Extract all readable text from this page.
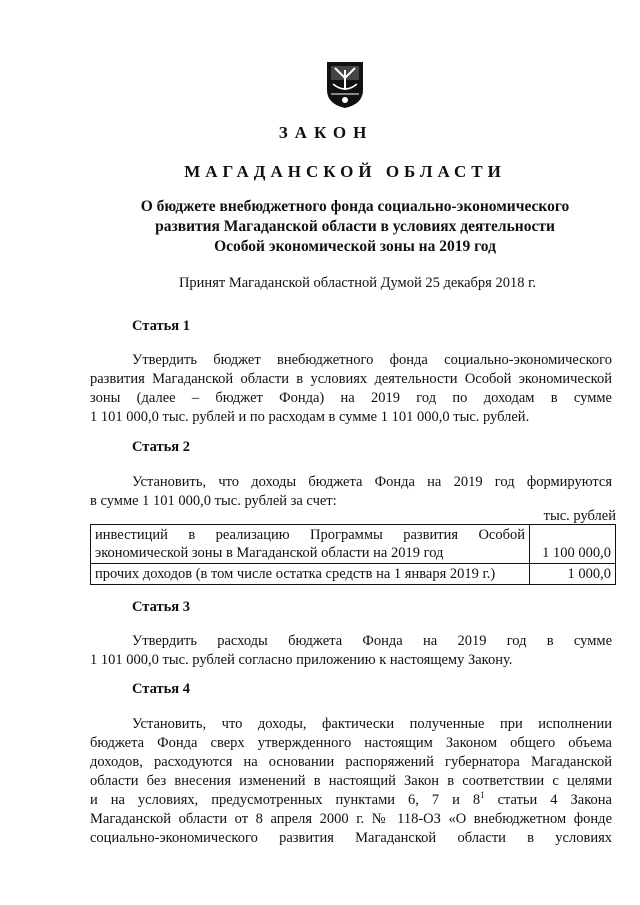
ЗАКОН
МАГАДАНСКОЙ ОБЛАСТИ
О бюджете внебюджетного фонда социально-экономического
развития Магаданской области в условиях деятельности
Особой экономической зоны на 2019 год
Принят Магаданской областной Думой 25 декабря 2018 г.
Статья 1
Утвердить бюджет внебюджетного фонда социально-экономического
развития Магаданской области в условиях деятельности Особой экономической
зоны (далее – бюджет Фонда) на 2019 год по доходам в сумме
1 101 000,0 тыс. рублей и по расходам в сумме 1 101 000,0 тыс. рублей.
Статья 2
Установить, что доходы бюджета Фонда на 2019 год формируются
в сумме 1 101 000,0 тыс. рублей за счет:
тыс. рублей
инвестиций в реализацию Программы развития Особой
экономической зоны в Магаданской области на 2019 год	1 100 000,0

прочих доходов (в том числе остатка средств на 1 января 2019 г.)	1 000,0
Статья 3
Утвердить расходы бюджета Фонда на 2019 год в сумме
1 101 000,0 тыс. рублей согласно приложению к настоящему Закону.
Статья 4
Установить, что доходы, фактически полученные при исполнении
бюджета Фонда сверх утвержденного настоящим Законом общего объема
доходов, расходуются на основании распоряжений губернатора Магаданской
области без внесения изменений в настоящий Закон в соответствии с целями
и на условиях, предусмотренных пунктами 6, 7 и $8^1$ статьи 4 Закона
Магаданской области от 8 апреля 2000 г. № 118-ОЗ «О внебюджетном фонде
социально-экономического развития Магаданской области в условиях
